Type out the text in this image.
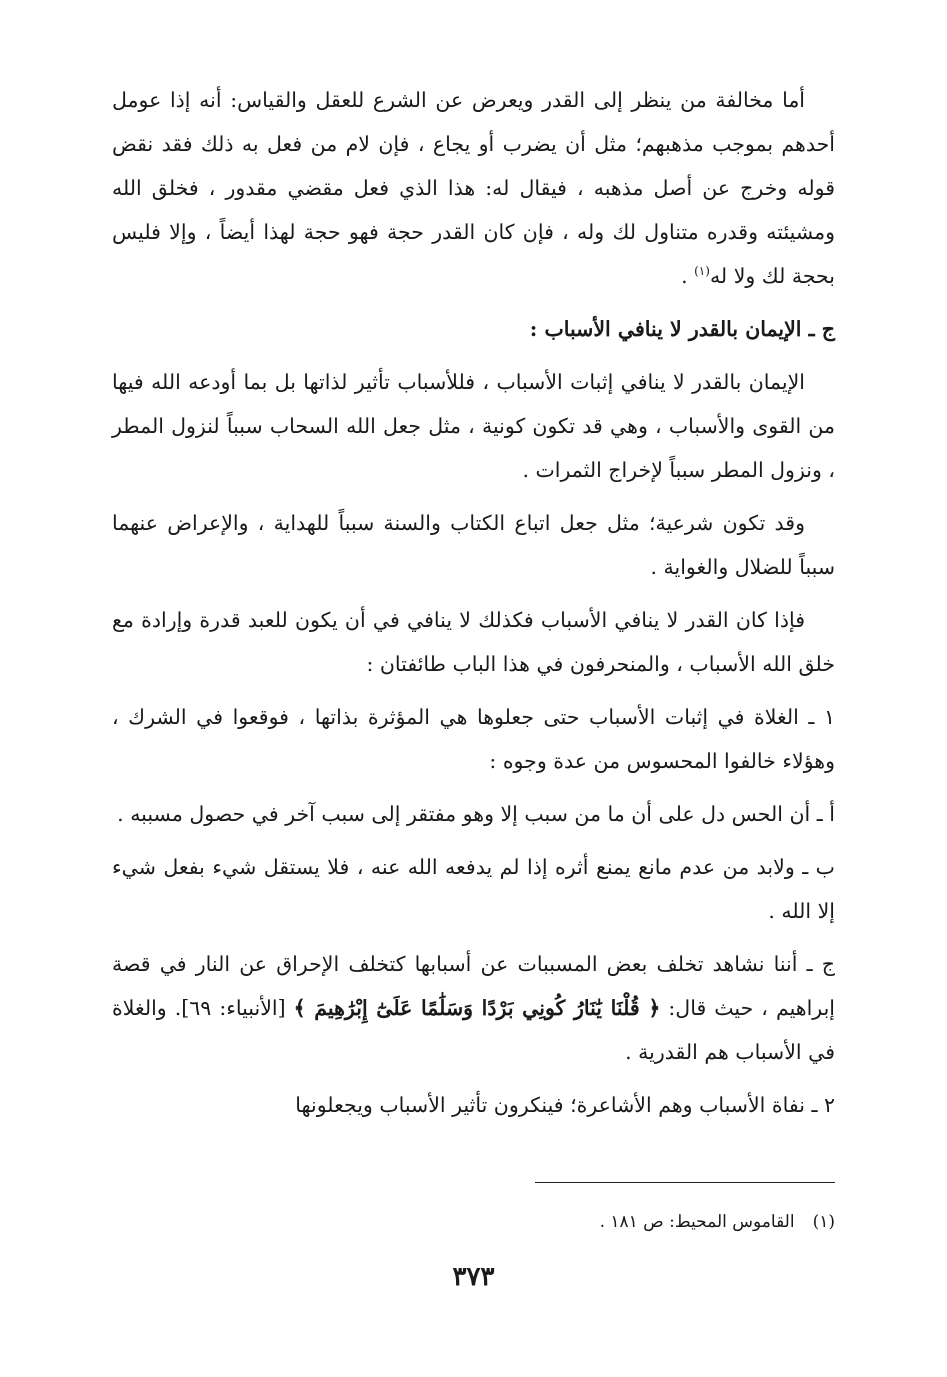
أما مخالفة من ينظر إلى القدر ويعرض عن الشرع للعقل والقياس: أنه إذا عومل أحدهم بموجب مذهبهم؛ مثل أن يضرب أو يجاع ، فإن لام من فعل به ذلك فقد نقض قوله وخرج عن أصل مذهبه ، فيقال له: هذا الذي فعل مقضي مقدور ، فخلق الله ومشيئته وقدره متناول لك وله ، فإن كان القدر حجة فهو حجة لهذا أيضاً ، وإلا فليس بحجة لك ولا له$^{(١)}$ .

ج ـ الإيمان بالقدر لا ينافي الأسباب :

الإيمان بالقدر لا ينافي إثبات الأسباب ، فللأسباب تأثير لذاتها بل بما أودعه الله فيها من القوى والأسباب ، وهي قد تكون كونية ، مثل جعل الله السحاب سبباً لنزول المطر ، ونزول المطر سبباً لإخراج الثمرات .

وقد تكون شرعية؛ مثل جعل اتباع الكتاب والسنة سبباً للهداية ، والإعراض عنهما سبباً للضلال والغواية .

فإذا كان القدر لا ينافي الأسباب فكذلك لا ينافي في أن يكون للعبد قدرة وإرادة مع خلق الله الأسباب ، والمنحرفون في هذا الباب طائفتان :

١ ـ الغلاة في إثبات الأسباب حتى جعلوها هي المؤثرة بذاتها ، فوقعوا في الشرك ، وهؤلاء خالفوا المحسوس من عدة وجوه :

أ ـ أن الحس دل على أن ما من سبب إلا وهو مفتقر إلى سبب آخر في حصول مسببه .

ب ـ ولابد من عدم مانع يمنع أثره إذا لم يدفعه الله عنه ، فلا يستقل شيء بفعل شيء إلا الله .

ج ـ أننا نشاهد تخلف بعض المسببات عن أسبابها كتخلف الإحراق عن النار في قصة إبراهيم ، حيث قال: ﴿ قُلْنَا يَٰنَارُ كُونِي بَرْدًا وَسَلَٰمًا عَلَىٰٓ إِبْرَٰهِيمَ ﴾ [الأنبياء: ٦٩]. والغلاة في الأسباب هم القدرية .

٢ ـ نفاة الأسباب وهم الأشاعرة؛ فينكرون تأثير الأسباب ويجعلونها

(١)القاموس المحيط: ص ١٨١ .
٣٧٣
